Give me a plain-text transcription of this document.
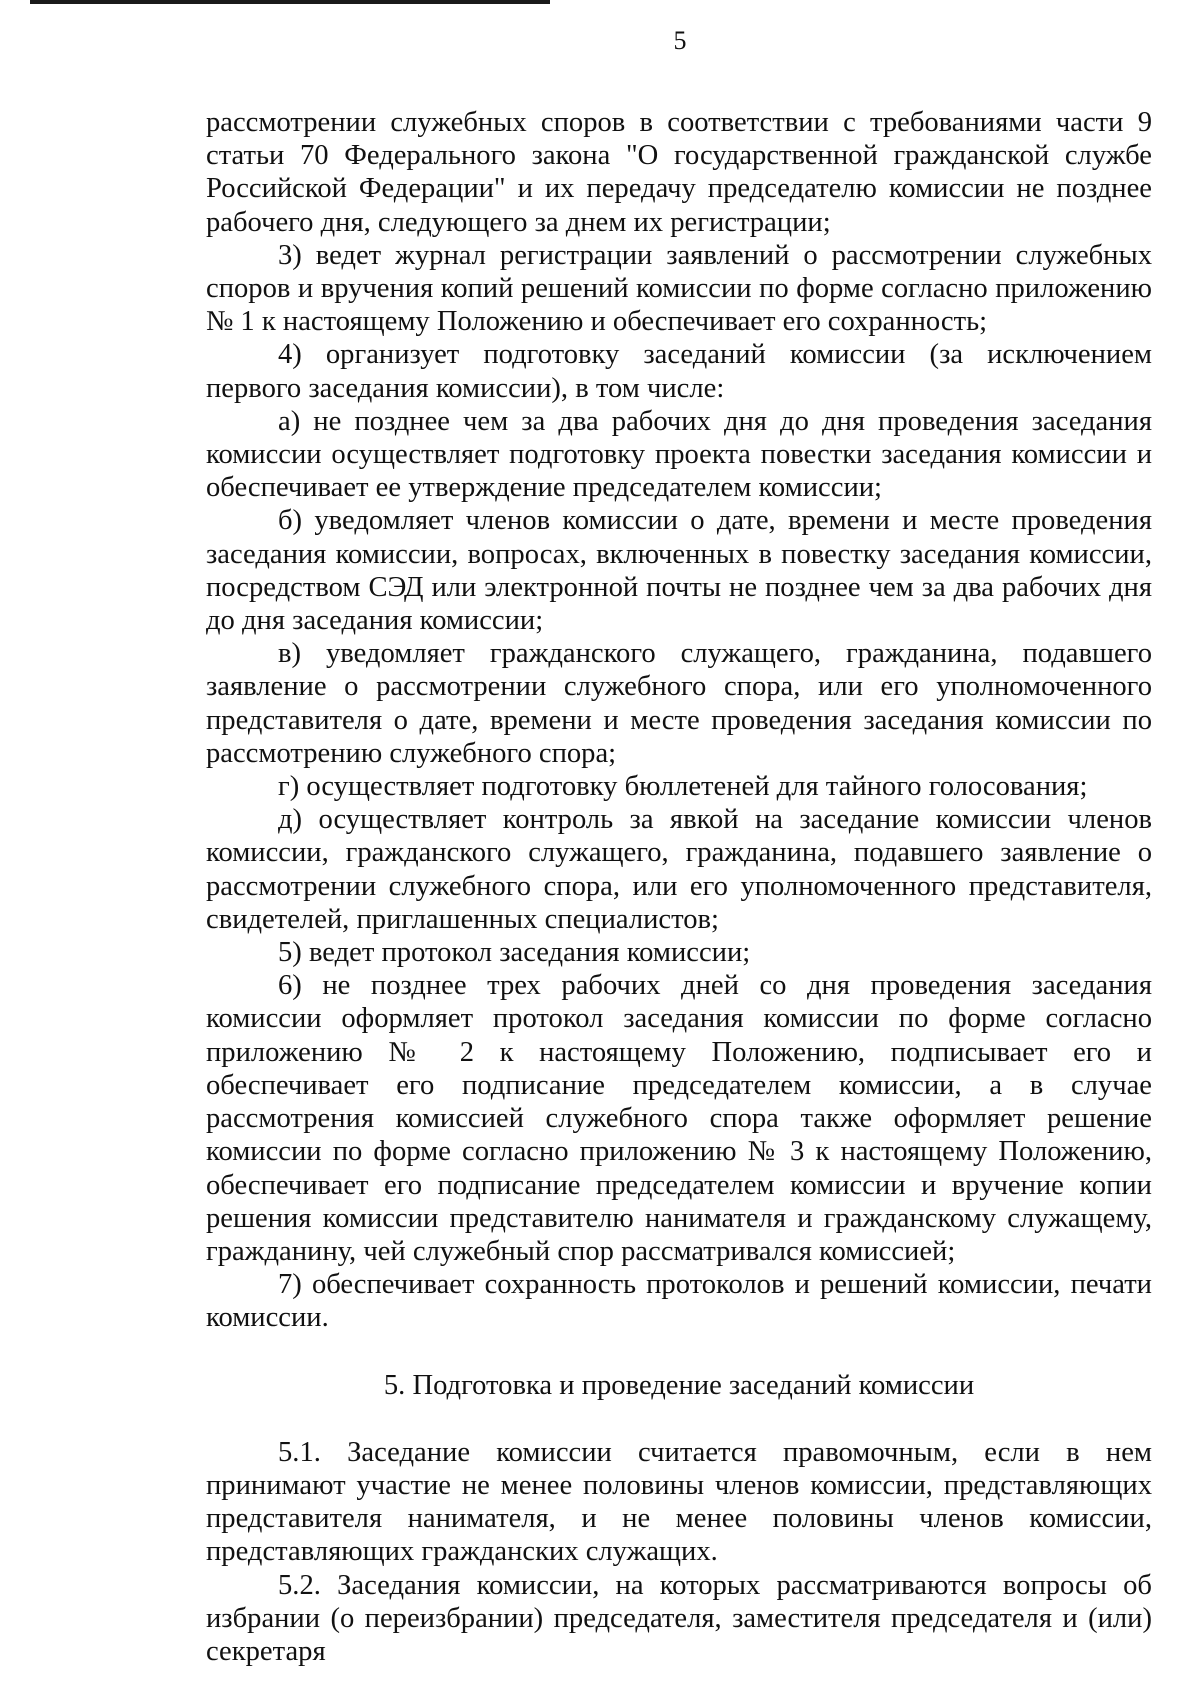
5

рассмотрении служебных споров в соответствии с требованиями части 9 статьи 70 Федерального закона "О государственной гражданской службе Российской Федерации" и их передачу председателю комиссии не позднее рабочего дня, следующего за днем их регистрации;

3) ведет журнал регистрации заявлений о рассмотрении служебных споров и вручения копий решений комиссии по форме согласно приложению № 1 к настоящему Положению и обеспечивает его сохранность;

4) организует подготовку заседаний комиссии (за исключением первого заседания комиссии), в том числе:

а) не позднее чем за два рабочих дня до дня проведения заседания комиссии осуществляет подготовку проекта повестки заседания комиссии и обеспечивает ее утверждение председателем комиссии;

б) уведомляет членов комиссии о дате, времени и месте проведения заседания комиссии, вопросах, включенных в повестку заседания комиссии, посредством СЭД или электронной почты не позднее чем за два рабочих дня до дня заседания комиссии;

в) уведомляет гражданского служащего, гражданина, подавшего заявление о рассмотрении служебного спора, или его уполномоченного представителя о дате, времени и месте проведения заседания комиссии по рассмотрению служебного спора;

г) осуществляет подготовку бюллетеней для тайного голосования;

д) осуществляет контроль за явкой на заседание комиссии членов комиссии, гражданского служащего, гражданина, подавшего заявление о рассмотрении служебного спора, или его уполномоченного представителя, свидетелей, приглашенных специалистов;

5) ведет протокол заседания комиссии;

6) не позднее трех рабочих дней со дня проведения заседания комиссии оформляет протокол заседания комиссии по форме согласно приложению № 2 к настоящему Положению, подписывает его и обеспечивает его подписание председателем комиссии, а в случае рассмотрения комиссией служебного спора также оформляет решение комиссии по форме согласно приложению № 3 к настоящему Положению, обеспечивает его подписание председателем комиссии и вручение копии решения комиссии представителю нанимателя и гражданскому служащему, гражданину, чей служебный спор рассматривался комиссией;

7) обеспечивает сохранность протоколов и решений комиссии, печати комиссии.

5. Подготовка и проведение заседаний комиссии

5.1. Заседание комиссии считается правомочным, если в нем принимают участие не менее половины членов комиссии, представляющих представителя нанимателя, и не менее половины членов комиссии, представляющих гражданских служащих.

5.2. Заседания комиссии, на которых рассматриваются вопросы об избрании (о переизбрании) председателя, заместителя председателя и (или) секретаря
